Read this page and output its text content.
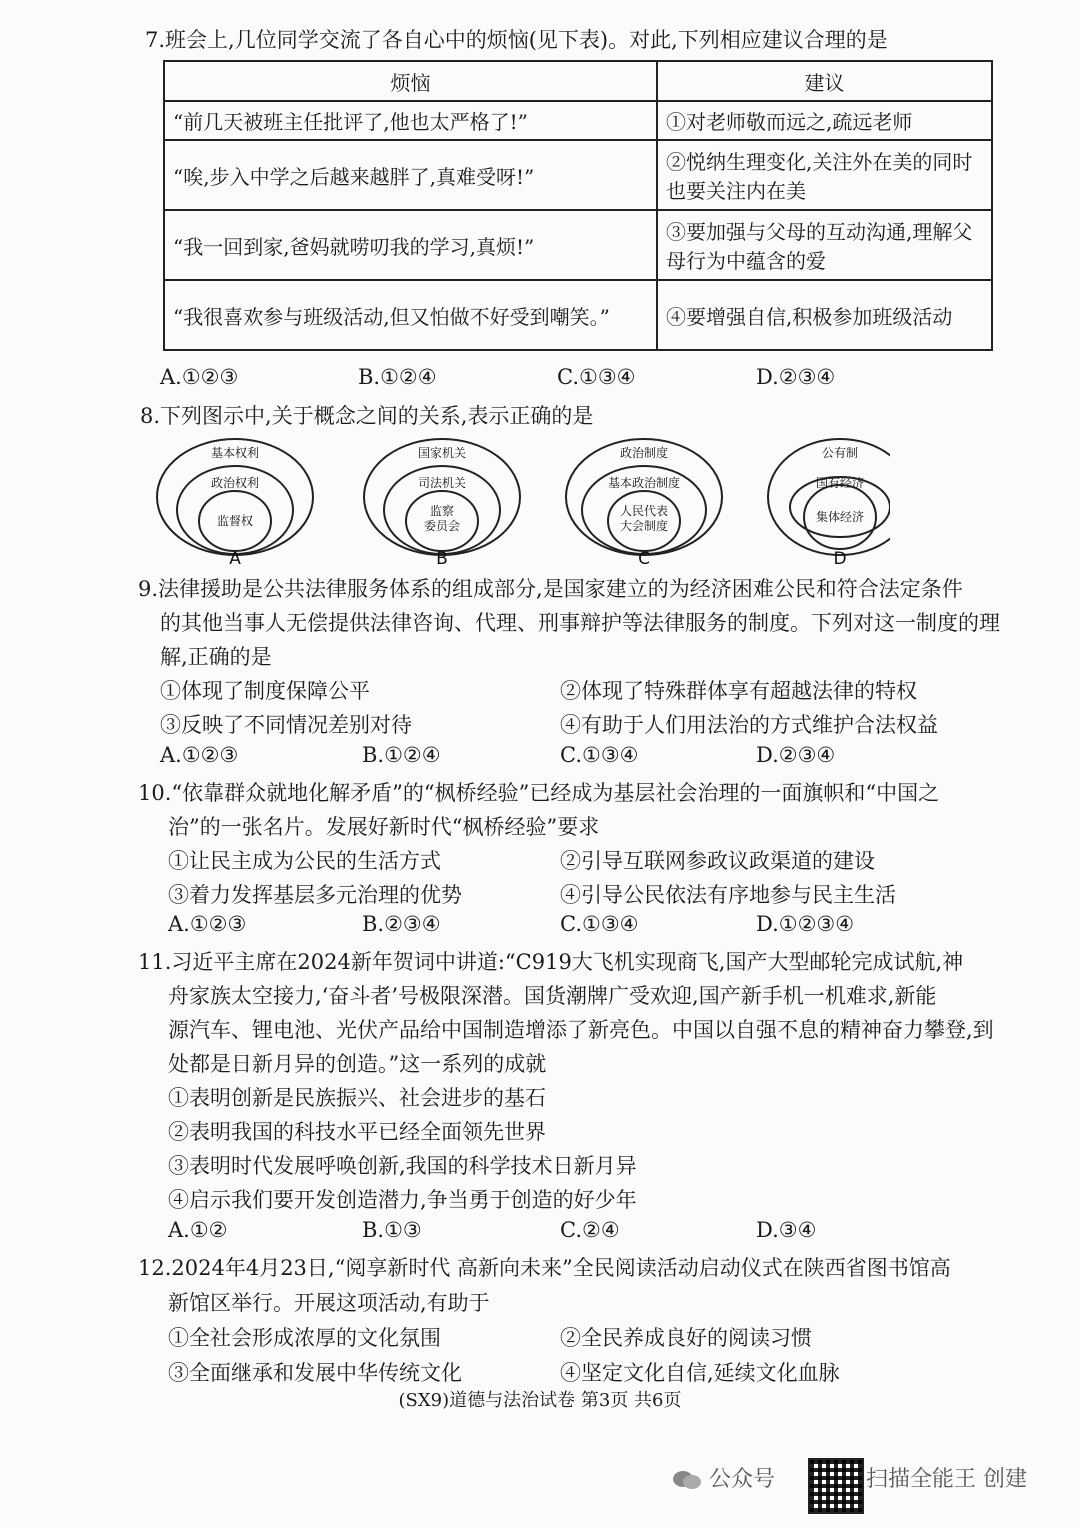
7.班会上,几位同学交流了各自心中的烦恼(见下表)。对此,下列相应建议合理的是
烦恼	建议
“前几天被班主任批评了,他也太严格了!”	①对老师敬而远之,疏远老师
“唉,步入中学之后越来越胖了,真难受呀!”	②悦纳生理变化,关注外在美的同时也要关注内在美
“我一回到家,爸妈就唠叨我的学习,真烦!”	③要加强与父母的互动沟通,理解父母行为中蕴含的爱
“我很喜欢参与班级活动,但又怕做不好受到嘲笑。”	④要增强自信,积极参加班级活动
A.①②③	B.①②④	C.①③④	D.②③④
8.下列图示中,关于概念之间的关系,表示正确的是
基本权利
政治权利
监督权
A
国家机关
司法机关
监察
委员会
B
政治制度
基本政治制度
人民代表
大会制度
C
公有制
国有经济
集体经济
D
9.法律援助是公共法律服务体系的组成部分,是国家建立的为经济困难公民和符合法定条件
的其他当事人无偿提供法律咨询、代理、刑事辩护等法律服务的制度。下列对这一制度的理
解,正确的是
①体现了制度保障公平	②体现了特殊群体享有超越法律的特权
③反映了不同情况差别对待	④有助于人们用法治的方式维护合法权益
A.①②③	B.①②④	C.①③④	D.②③④
10.“依靠群众就地化解矛盾”的“枫桥经验”已经成为基层社会治理的一面旗帜和“中国之
治”的一张名片。发展好新时代“枫桥经验”要求
①让民主成为公民的生活方式	②引导互联网参政议政渠道的建设
③着力发挥基层多元治理的优势	④引导公民依法有序地参与民主生活
A.①②③	B.②③④	C.①③④	D.①②③④
11.习近平主席在2024新年贺词中讲道:“C919大飞机实现商飞,国产大型邮轮完成试航,神
舟家族太空接力,‘奋斗者’号极限深潜。国货潮牌广受欢迎,国产新手机一机难求,新能
源汽车、锂电池、光伏产品给中国制造增添了新亮色。中国以自强不息的精神奋力攀登,到
处都是日新月异的创造。”这一系列的成就
①表明创新是民族振兴、社会进步的基石
②表明我国的科技水平已经全面领先世界
③表明时代发展呼唤创新,我国的科学技术日新月异
④启示我们要开发创造潜力,争当勇于创造的好少年
A.①②	B.①③	C.②④	D.③④
12.2024年4月23日,“阅享新时代 高新向未来”全民阅读活动启动仪式在陕西省图书馆高
新馆区举行。开展这项活动,有助于
①全社会形成浓厚的文化氛围	②全民养成良好的阅读习惯
③全面继承和发展中华传统文化	④坚定文化自信,延续文化血脉
(SX9)道德与法治试卷 第3页 共6页
公众号	扫描全能王 创建
